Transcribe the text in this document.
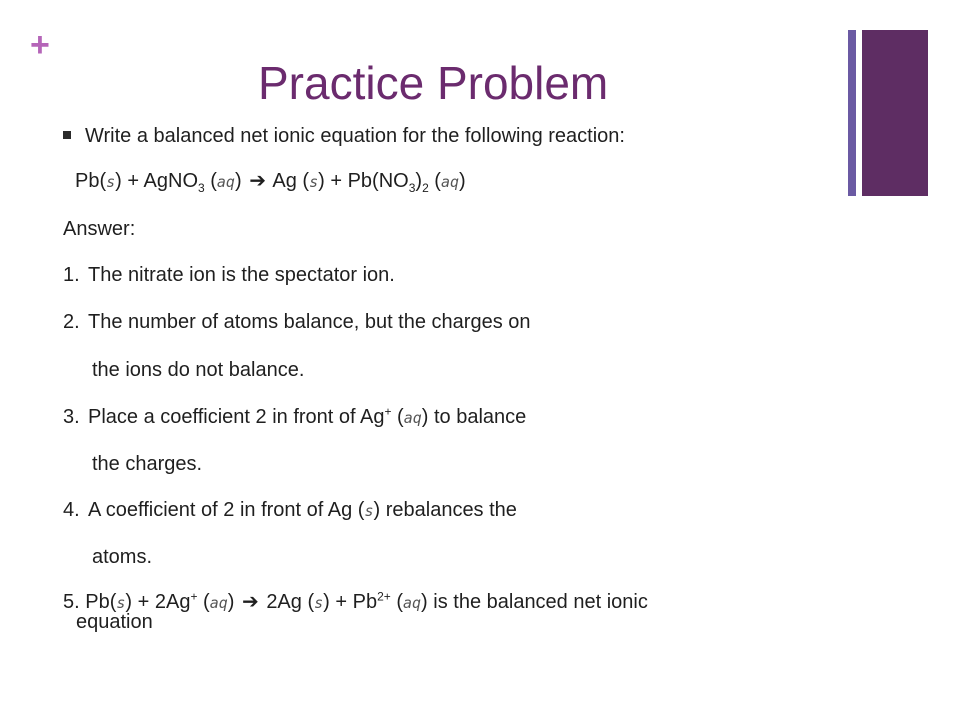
+
Practice Problem
Write a balanced net ionic equation for the following reaction:
Pb(s) + AgNO$_3$ (aq) ➔ Ag $(s) + Pb(NO_3)_2$ (aq)
Answer:
1. The nitrate ion is the spectator ion.
2. The number of atoms balance, but the charges on
the ions do not balance.
3. Place a coefficient 2 in front of Ag+ (aq) to balance
the charges.
4. A coefficient of 2 in front of Ag (s) rebalances the
atoms.
5. Pb(s) + 2Ag+ (aq) ➔ 2Ag $(s) + Pb^{2+}$ (aq) is the balanced net ionic
equation
